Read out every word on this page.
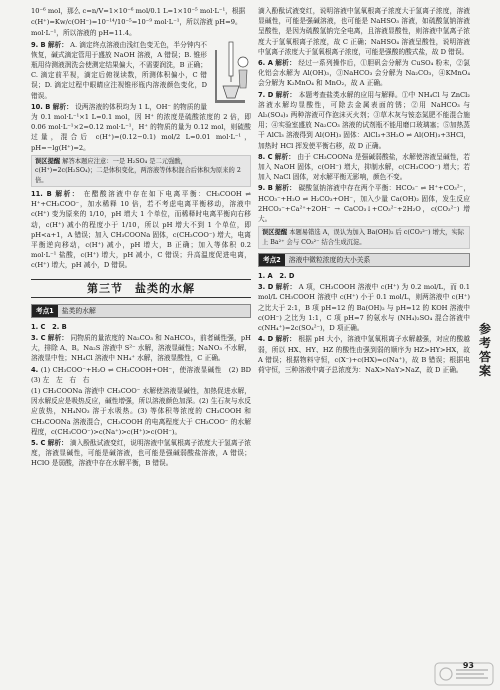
10⁻⁶ mol，那么 c=n/V=1×10⁻⁶ mol/0.1 L=1×10⁻⁵ mol·L⁻¹，根据

c(H⁺)=Kw/c(OH⁻)=10⁻¹⁴/10⁻⁵=10⁻⁹ mol·L⁻¹，所以溶液 pH=9。

mol·L⁻¹，所以溶液的 pH=11.4。

9. B 解析： A. 滴定终点溶液由浅红色变无色，半分钟内不恢复，碱式滴定管用于盛放 NaOH 溶液，A 错误；B. 锥形瓶用待测液润洗会使测定结果偏大，不需要润洗，B 正确；C. 滴定前平视，滴定后俯视读数，所测体积偏小，C 错误；D. 滴定过程中眼睛应注视锥形瓶内溶液颜色变化，D 错误。

10. B 解析： 设两溶液的体积均为 1 L，OH⁻ 的物质的量为 0.1 mol·L⁻¹×1 L=0.1 mol，因 H⁺ 的浓度是硫酸浓度的 2 倍，即 0.06 mol·L⁻¹×2=0.12 mol·L⁻¹，H⁺ 的物质的量为 0.12 mol，则硫酸过量，混合后 c(H⁺)=(0.12−0.1) mol/2 L=0.01 mol·L⁻¹，pH=−lg(H⁺)=2。

误区提醒 解答本题应注意：一是 H₂SO₄ 是二元强酸，c(H⁺)=2c(H₂SO₄)；二是体积变化，两溶液等体积混合后体积为原来的 2 倍。

11. B 解析： 在醋酸溶液中存在如下电离平衡：CH₃COOH ⇌ H⁺+CH₃COO⁻，加水稀释 10 倍，若不考虑电离平衡移动，溶液中 c(H⁺) 变为原来的 1/10，pH 增大 1 个单位，而稀释时电离平衡向右移动，c(H⁺) 减小的程度小于 1/10，所以 pH 增大不到 1 个单位，即 pH<a+1，A 错误；加入 CH₃COONa 固体，c(CH₃COO⁻) 增大，电离平衡逆向移动，c(H⁺) 减小，pH 增大，B 正确；加入等体积 0.2 mol·L⁻¹ 盐酸，c(H⁺) 增大，pH 减小，C 错误；升高温度促进电离，c(H⁺) 增大，pH 减小，D 错误。

第三节　盐类的水解
考点1	盐类的水解

1. C　2. B

3. C 解析： 同物质的量浓度的 Na₂CO₃ 和 NaHCO₃，前者碱性强，pH 大，排除 A、B。Na₂S 溶液中 S²⁻ 水解，溶液显碱性；NaNO₃ 不水解，溶液显中性；NH₄Cl 溶液中 NH₄⁺ 水解，溶液显酸性，C 正确。

4. (1) CH₃COO⁻+H₂O ⇌ CH₃COOH+OH⁻，使溶液显碱性　(2) BD　(3) 左　左　右　右

(1) CH₃COONa 溶液中 CH₃COO⁻ 水解使溶液显碱性，加热促进水解，因水解反应是吸热反应，碱性增强，所以溶液颜色加深。(2) 生石灰与水反应放热，NH₄NO₃ 溶于水吸热。(3) 等体积等浓度的 CH₃COOH 和 CH₃COONa 溶液混合，CH₃COOH 的电离程度大于 CH₃COO⁻ 的水解程度，c(CH₃COO⁻)>c(Na⁺)>c(H⁺)>c(OH⁻)。

5. C 解析： 滴入酚酞试液变红，说明溶液中氢氧根离子浓度大于氢离子浓度，溶液显碱性，可能是碱溶液，也可能是强碱弱酸盐溶液，A 错误；HClO 是弱酸，溶液中存在水解平衡，B 错误。

滴入酚酞试液变红，说明溶液中氢氧根离子浓度大于氢离子浓度，溶液显碱性，可能是强碱溶液，也可能是 NaHSO₃ 溶液，如硫酸氢钠溶液呈酸性，是因为硫酸氢钠完全电离，且溶液显酸性，则溶液中氢离子浓度大于氢氧根离子浓度，故 C 正确；NaHSO₄ 溶液呈酸性，说明溶液中氢离子浓度大于氢氧根离子浓度，可能是强酸的酸式盐，故 D 错误。

6. A 解析： 经过一系列操作后，①胆矾会分解为 CuSO₄ 粉末，②氯化铝会水解为 Al(OH)₃，③NaHCO₃ 会分解为 Na₂CO₃，④KMnO₄ 会分解为 K₂MnO₄ 和 MnO₂，故 A 正确。

7. D 解析： 本题考查盐类水解的应用与解释。①中 NH₄Cl 与 ZnCl₂ 溶液水解均显酸性，可除去金属表面的锈；②用 NaHCO₃ 与 Al₂(SO₄)₃ 两种溶液可作泡沫灭火剂；③草木灰与铵态氮肥不能混合施用；④实验室盛放 Na₂CO₃ 溶液的试剂瓶不能用磨口玻璃塞；⑤加热蒸干 AlCl₃ 溶液得到 Al(OH)₃ 固体：AlCl₃+3H₂O ⇌ Al(OH)₃+3HCl，加热时 HCl 挥发使平衡右移，故 D 正确。

8. C 解析： 由于 CH₃COONa 是强碱弱酸盐，水解使溶液呈碱性，若加入 NaOH 固体，c(OH⁻) 增大，抑制水解，c(CH₃COO⁻) 增大；若加入 NaCl 固体，对水解平衡无影响，颜色不变。

9. B 解析： 碳酸氢钠溶液中存在两个平衡：HCO₃⁻ ⇌ H⁺+CO₃²⁻，HCO₃⁻+H₂O ⇌ H₂CO₃+OH⁻，加入少量 Ca(OH)₂ 固体，发生反应 2HCO₃⁻+Ca²⁺+2OH⁻ → CaCO₃↓+CO₃²⁻+2H₂O，c(CO₃²⁻) 增大。

误区提醒 本题易错选 A，误认为加入 Ba(OH)₂ 后 c(CO₃²⁻) 增大，实际上 Ba²⁺ 会与 CO₃²⁻ 结合生成沉淀。
考点2	溶液中微粒浓度的大小关系

1. A　2. D

3. D 解析： A 项，CH₃COOH 溶液中 c(H⁺) 为 0.2 mol/L，而 0.1 mol/L CH₃COOH 溶液中 c(H⁺) 小于 0.1 mol/L，则两溶液中 c(H⁺) 之比大于 2:1，B 项 pH=12 的 Ba(OH)₂ 与 pH=12 的 KOH 溶液中 c(OH⁻) 之比为 1:1，C 项 pH=7 的氨水与 (NH₄)₂SO₄ 混合溶液中 c(NH₄⁺)=2c(SO₄²⁻)，D 项正确。

4. D 解析： 根据 pH 大小，溶液中氢氧根离子水解越强，对应的酸越弱，所以 HX、HY、HZ 的酸性由强到弱的顺序为 HZ>HY>HX，故 A 错误；根据物料守恒，c(X⁻)+c(HX)=c(Na⁺)，故 B 错误；根据电荷守恒，三种溶液中离子总浓度为：NaX>NaY>NaZ，故 D 正确。

参考答案
93
